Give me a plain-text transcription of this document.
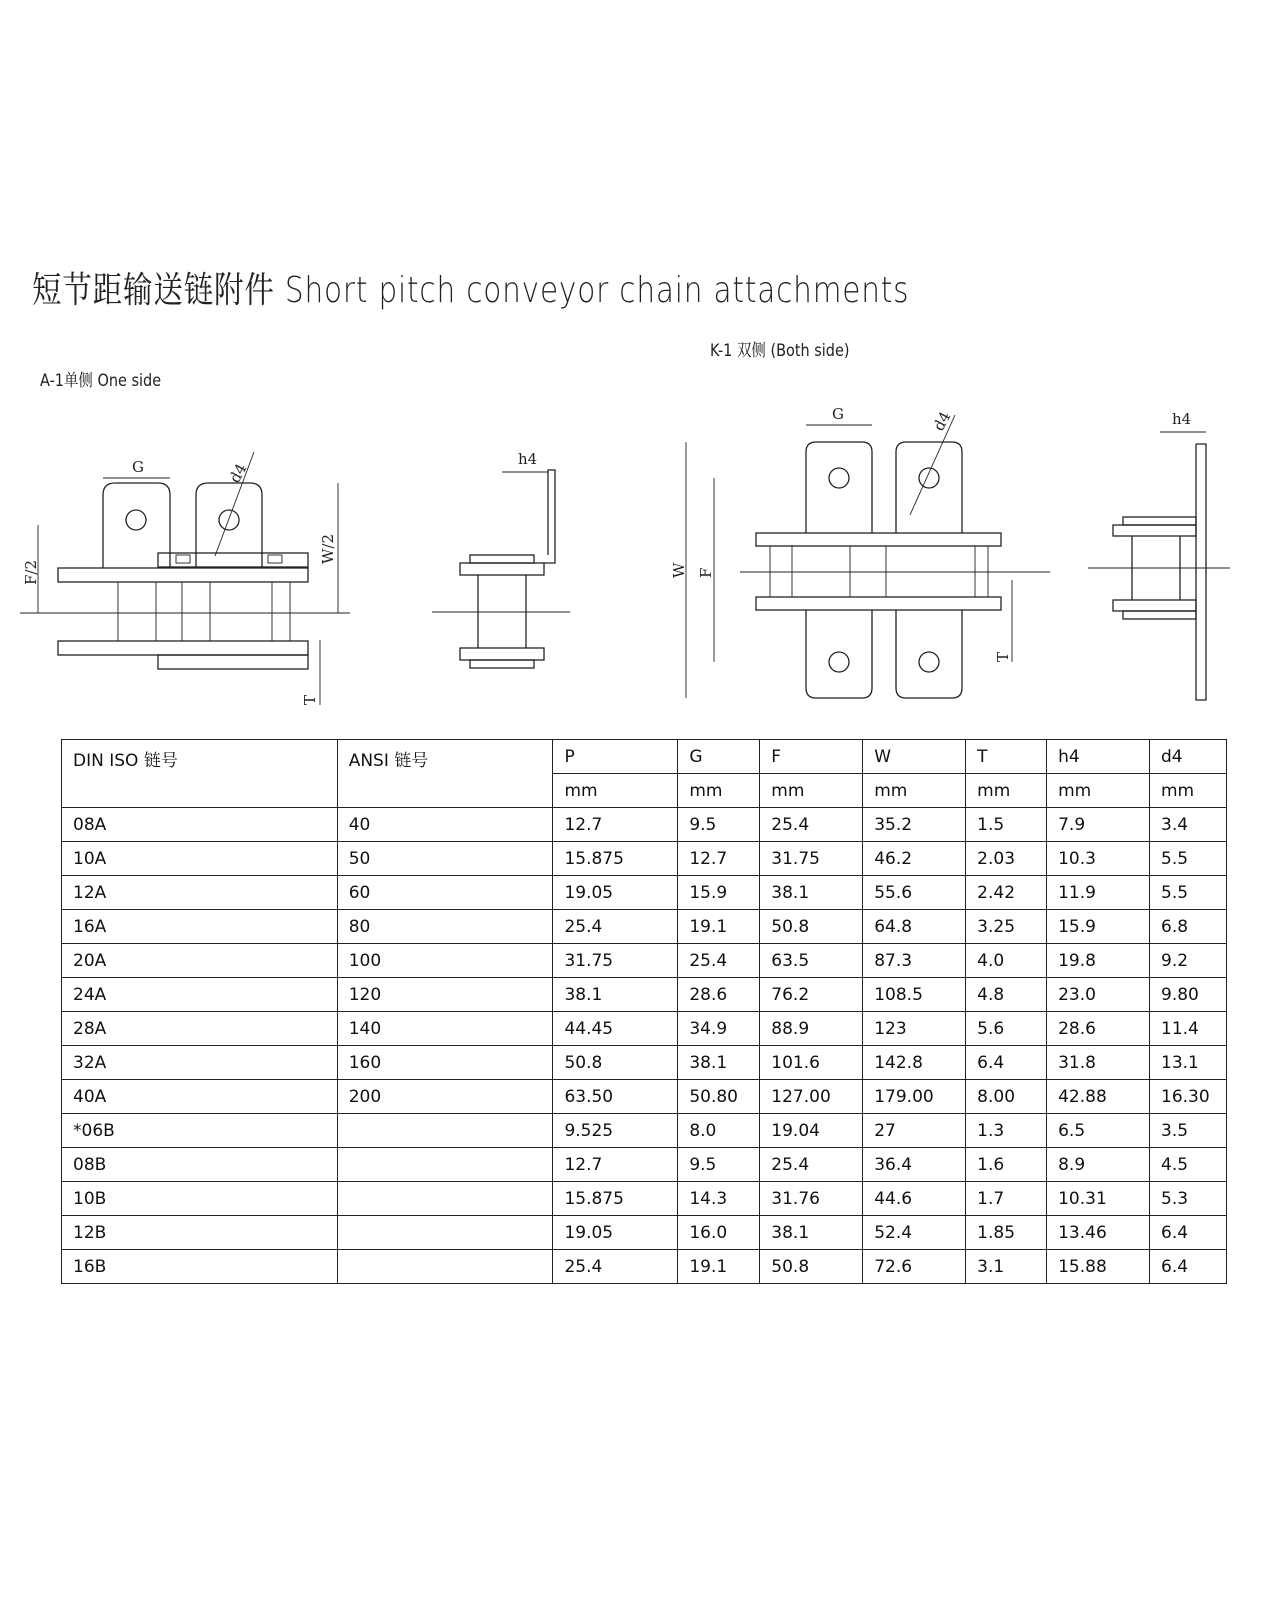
短节距输送链附件 Short pitch conveyor chain attachments
A-1单侧 One side
K-1 双侧 (Both side)
G	d4
F/2
W/2
T
h4
G	d4
W F
T
h4
DIN ISO 链号	ANSI 链号	P	G	F	W	T	h4	d4
		mm	mm	mm	mm	mm	mm	mm
08A	40	12.7	9.5	25.4	35.2	1.5	7.9	3.4
10A	50	15.875	12.7	31.75	46.2	2.03	10.3	5.5
12A	60	19.05	15.9	38.1	55.6	2.42	11.9	5.5
16A	80	25.4	19.1	50.8	64.8	3.25	15.9	6.8
20A	100	31.75	25.4	63.5	87.3	4.0	19.8	9.2
24A	120	38.1	28.6	76.2	108.5	4.8	23.0	9.80
28A	140	44.45	34.9	88.9	123	5.6	28.6	11.4
32A	160	50.8	38.1	101.6	142.8	6.4	31.8	13.1
40A	200	63.50	50.80	127.00	179.00	8.00	42.88	16.30
*06B		9.525	8.0	19.04	27	1.3	6.5	3.5
08B		12.7	9.5	25.4	36.4	1.6	8.9	4.5
10B		15.875	14.3	31.76	44.6	1.7	10.31	5.3
12B		19.05	16.0	38.1	52.4	1.85	13.46	6.4
16B		25.4	19.1	50.8	72.6	3.1	15.88	6.4
